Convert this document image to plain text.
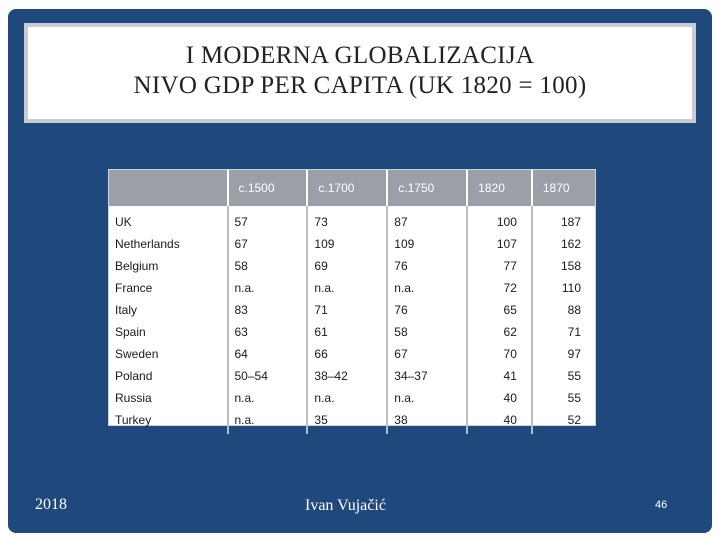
I MODERNA GLOBALIZACIJA
NIVO GDP PER CAPITA (UK 1820 = 100)
	c.1500	c.1700	c.1750	1820	1870
UK	57	73	87	100	187
Netherlands	67	109	109	107	162
Belgium	58	69	76	77	158
France	n.a.	n.a.	n.a.	72	110
Italy	83	71	76	65	88
Spain	63	61	58	62	71
Sweden	64	66	67	70	97
Poland	50–54	38–42	34–37	41	55
Russia	n.a.	n.a.	n.a.	40	55
Turkey	n.a.	35	38	40	52
2018	Ivan Vujačić	46
